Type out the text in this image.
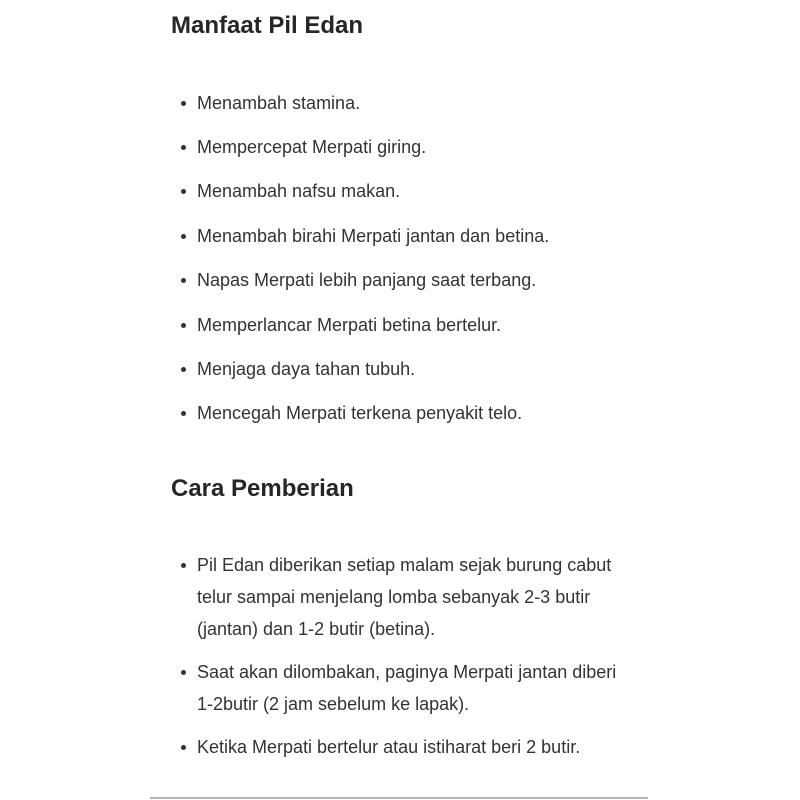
Manfaat Pil Edan
Menambah stamina.
Mempercepat Merpati giring.
Menambah nafsu makan.
Menambah birahi Merpati jantan dan betina.
Napas Merpati lebih panjang saat terbang.
Memperlancar Merpati betina bertelur.
Menjaga daya tahan tubuh.
Mencegah Merpati terkena penyakit telo.
Cara Pemberian
Pil Edan diberikan setiap malam sejak burung cabut telur sampai menjelang lomba sebanyak 2-3 butir (jantan) dan 1-2 butir (betina).
Saat akan dilombakan, paginya Merpati jantan diberi 1-2butir (2 jam sebelum ke lapak).
Ketika Merpati bertelur atau istiharat beri 2 butir.
